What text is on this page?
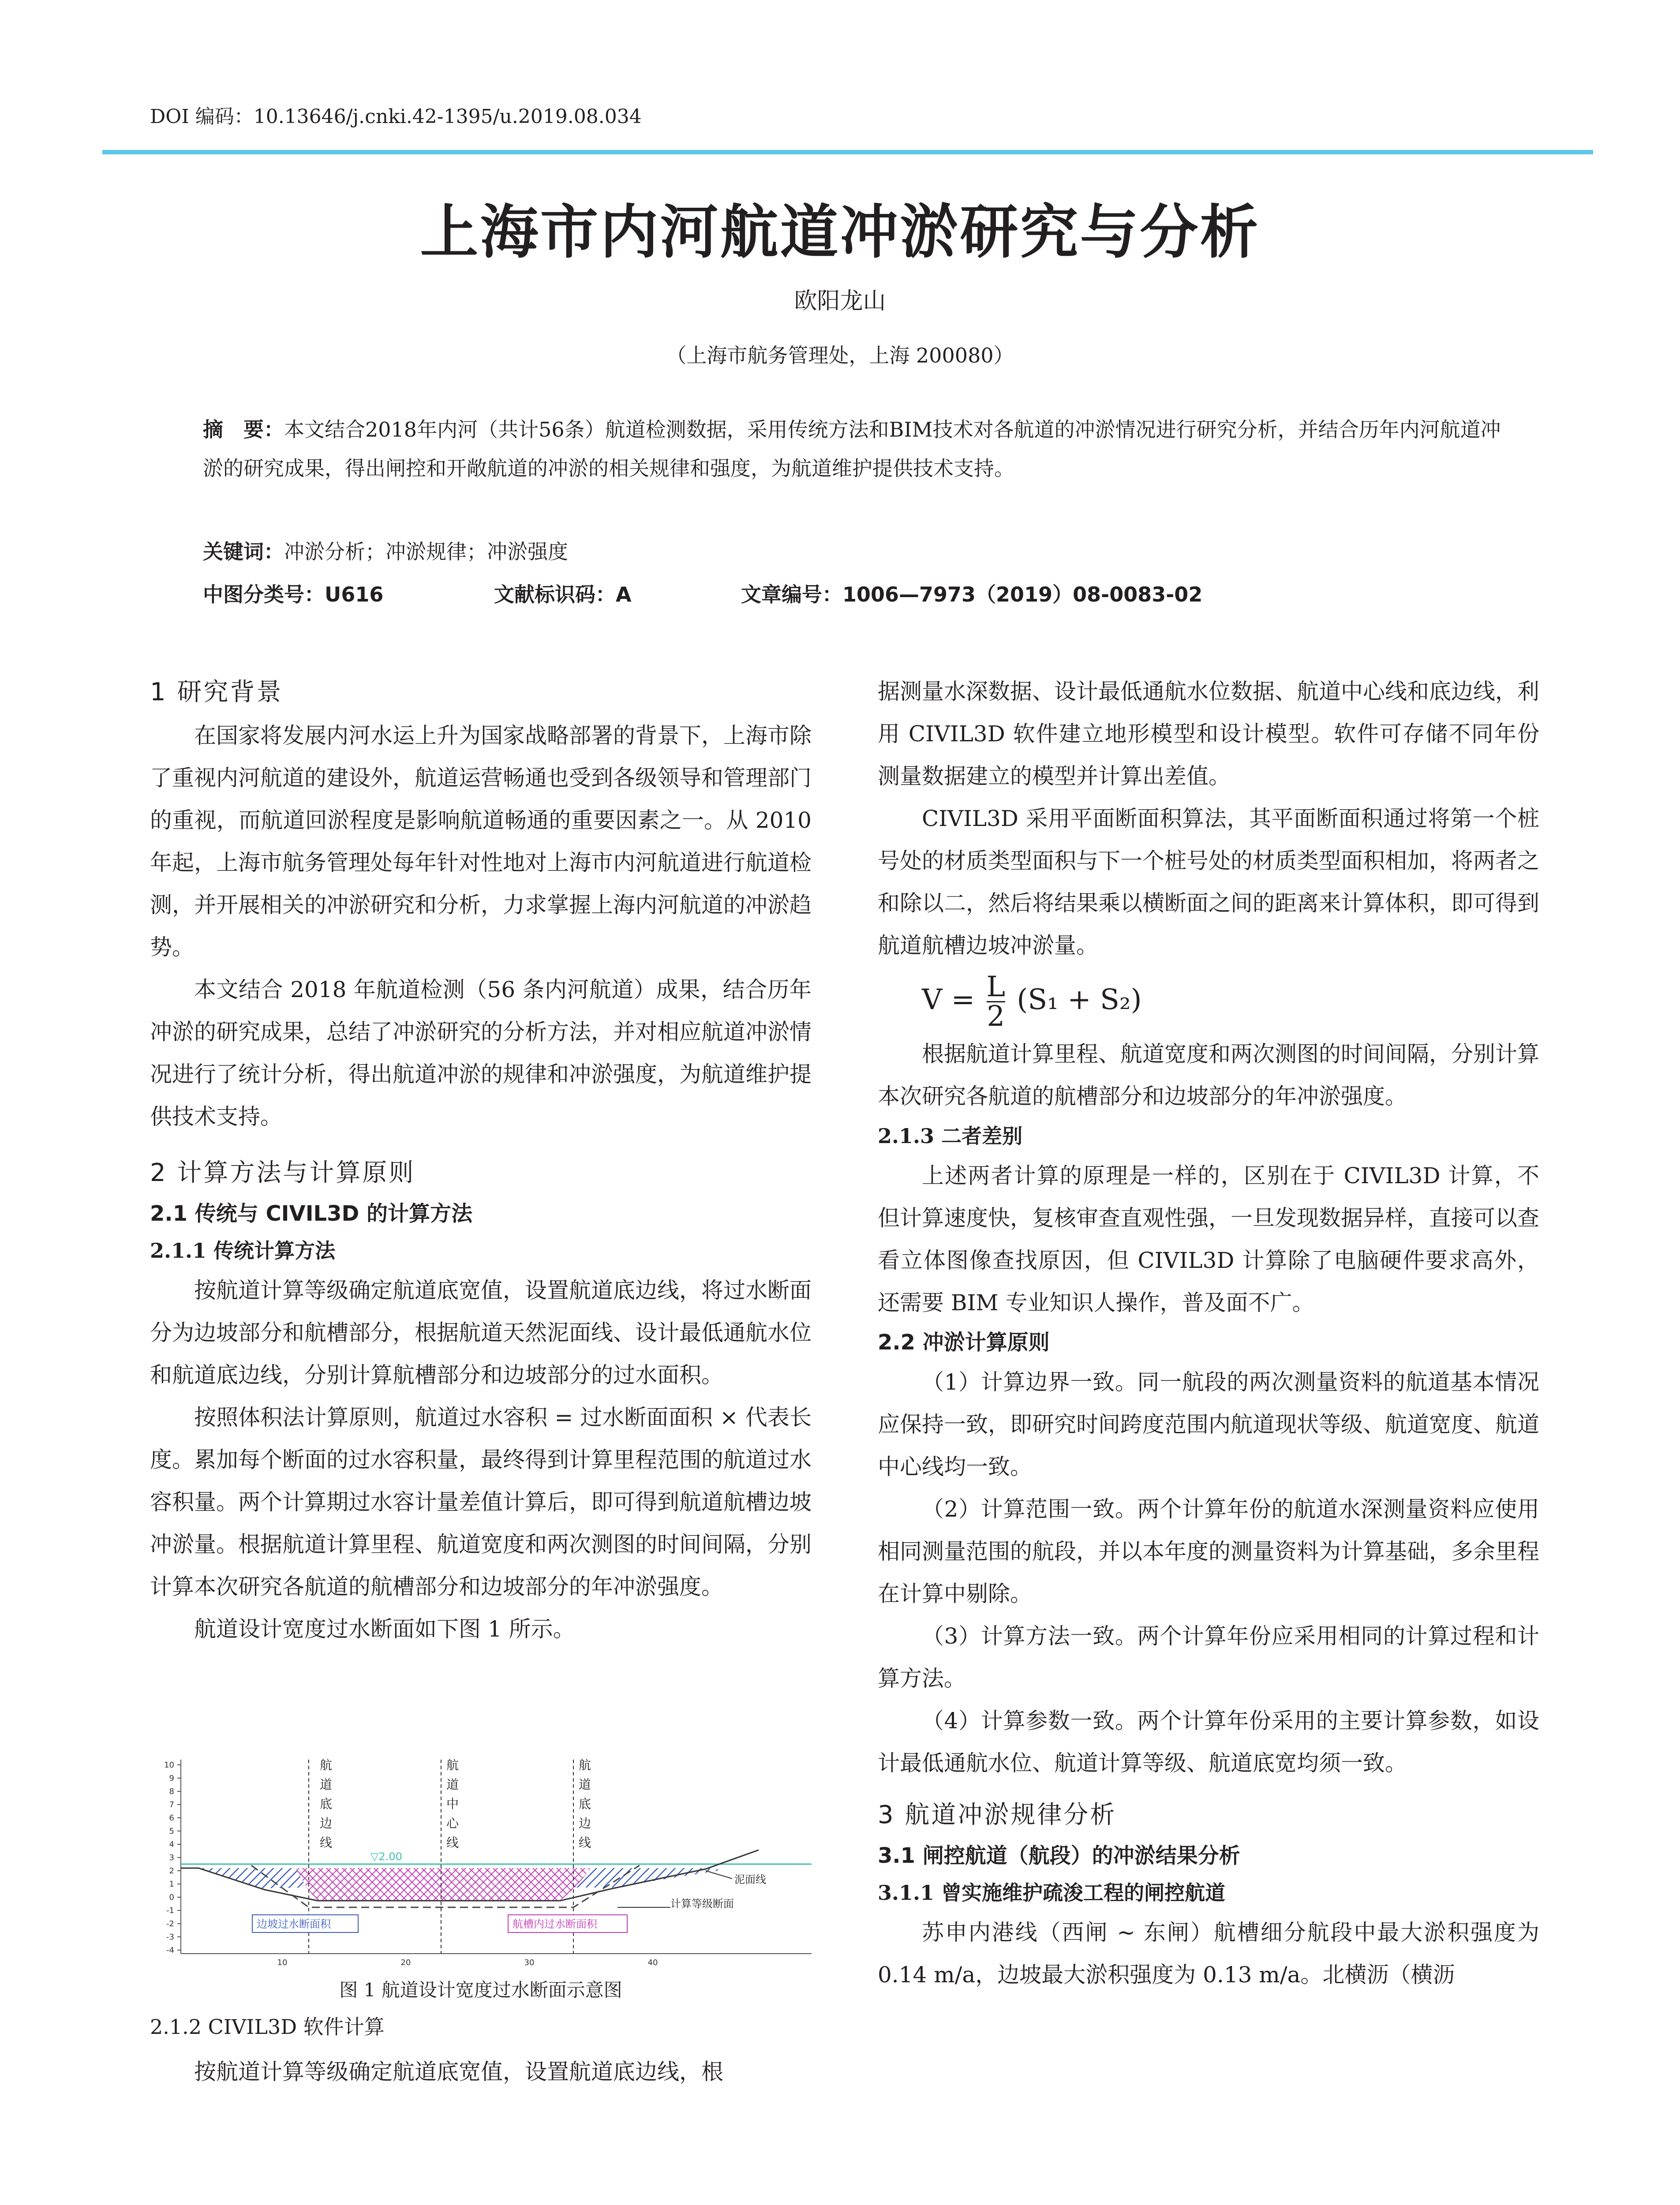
DOI 编码：10.13646/j.cnki.42-1395/u.2019.08.034
上海市内河航道冲淤研究与分析
欧阳龙山
（上海市航务管理处，上海 200080）
摘　要：本文结合2018年内河（共计56条）航道检测数据，采用传统方法和BIM技术对各航道的冲淤情况进行研究分析，并结合历年内河航道冲淤的研究成果，得出闸控和开敞航道的冲淤的相关规律和强度，为航道维护提供技术支持。
关键词：冲淤分析；冲淤规律；冲淤强度
中图分类号：U616	文献标识码：A	文章编号：1006—7973（2019）08-0083-02
1 研究背景

在国家将发展内河水运上升为国家战略部署的背景下，上海市除了重视内河航道的建设外，航道运营畅通也受到各级领导和管理部门的重视，而航道回淤程度是影响航道畅通的重要因素之一。从 2010 年起，上海市航务管理处每年针对性地对上海市内河航道进行航道检测，并开展相关的冲淤研究和分析，力求掌握上海内河航道的冲淤趋势。

本文结合 2018 年航道检测（56 条内河航道）成果，结合历年冲淤的研究成果，总结了冲淤研究的分析方法，并对相应航道冲淤情况进行了统计分析，得出航道冲淤的规律和冲淤强度，为航道维护提供技术支持。

2 计算方法与计算原则
2.1 传统与 CIVIL3D 的计算方法
2.1.1 传统计算方法

按航道计算等级确定航道底宽值，设置航道底边线，将过水断面分为边坡部分和航槽部分，根据航道天然泥面线、设计最低通航水位和航道底边线，分别计算航槽部分和边坡部分的过水面积。

按照体积法计算原则，航道过水容积 = 过水断面面积 × 代表长度。累加每个断面的过水容积量，最终得到计算里程范围的航道过水容积量。两个计算期过水容计量差值计算后，即可得到航道航槽边坡冲淤量。根据航道计算里程、航道宽度和两次测图的时间间隔，分别计算本次研究各航道的航槽部分和边坡部分的年冲淤强度。

航道设计宽度过水断面如下图 1 所示。

10
9
8
7
6
5
4
3
2
1
0
-1
-2
-3
-4
10	20	30	40
航道底边线
航道中心线
航道底边线
▽2.00
泥面线
计算等级断面
边坡过水断面积	航槽内过水断面积
图 1 航道设计宽度过水断面示意图
2.1.2 CIVIL3D 软件计算
按航道计算等级确定航道底宽值，设置航道底边线，根

据测量水深数据、设计最低通航水位数据、航道中心线和底边线，利用 CIVIL3D 软件建立地形模型和设计模型。软件可存储不同年份测量数据建立的模型并计算出差值。

CIVIL3D 采用平面断面积算法，其平面断面积通过将第一个桩号处的材质类型面积与下一个桩号处的材质类型面积相加，将两者之和除以二，然后将结果乘以横断面之间的距离来计算体积，即可得到航道航槽边坡冲淤量。

$V = \frac{L}{2} (S_1 + S_2)$

根据航道计算里程、航道宽度和两次测图的时间间隔，分别计算本次研究各航道的航槽部分和边坡部分的年冲淤强度。

2.1.3 二者差别

上述两者计算的原理是一样的，区别在于 CIVIL3D 计算，不但计算速度快，复核审查直观性强，一旦发现数据异样，直接可以查看立体图像查找原因，但 CIVIL3D 计算除了电脑硬件要求高外，还需要 BIM 专业知识人操作，普及面不广。

2.2 冲淤计算原则

（1）计算边界一致。同一航段的两次测量资料的航道基本情况应保持一致，即研究时间跨度范围内航道现状等级、航道宽度、航道中心线均一致。

（2）计算范围一致。两个计算年份的航道水深测量资料应使用相同测量范围的航段，并以本年度的测量资料为计算基础，多余里程在计算中剔除。

（3）计算方法一致。两个计算年份应采用相同的计算过程和计算方法。

（4）计算参数一致。两个计算年份采用的主要计算参数，如设计最低通航水位、航道计算等级、航道底宽均须一致。

3 航道冲淤规律分析
3.1 闸控航道（航段）的冲淤结果分析
3.1.1 曾实施维护疏浚工程的闸控航道

苏申内港线（西闸 ~ 东闸）航槽细分航段中最大淤积强度为 0.14 m/a，边坡最大淤积强度为 0.13 m/a。北横沥（横沥
